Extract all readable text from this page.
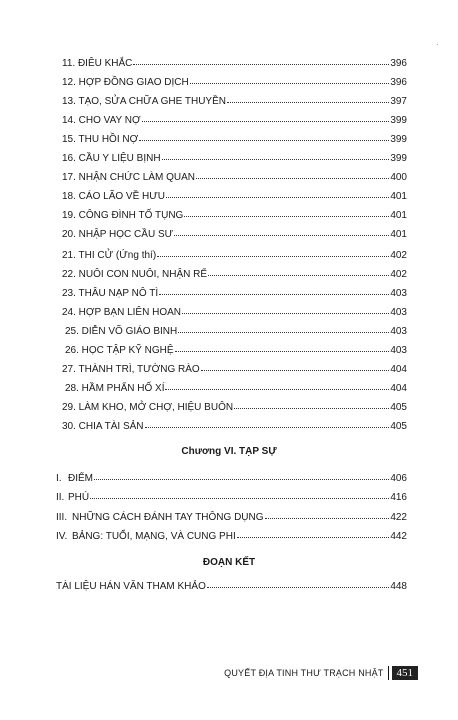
·
11. ĐIÊU KHẮC	396
12. HỢP ĐỒNG GIAO DỊCH	396
13. TẠO, SỬA CHỮA GHE THUYỀN	397
14. CHO VAY NỢ	399
15. THU HỒI NỢ	399
16. CẦU Y LIỆU BỊNH	399
17. NHẬN CHỨC LÀM QUAN	400
18. CÁO LÃO VỀ HƯU	401
19. CÔNG ĐÌNH TỐ TỤNG	401
20. NHẬP HỌC CẦU SƯ	401
21. THI CỬ (Ứng thí)	402
22. NUÔI CON NUÔI, NHẬN RỂ	402
23. THÂU NẠP NÔ TÌ	403
24. HỢP BẠN LIÊN HOAN	403
25. DIỄN VÕ GIÁO BINH	403
26. HỌC TẬP KỸ NGHỆ	403
27. THÀNH TRÌ, TƯỜNG RÀO	404
28. HẦM PHẨN HỐ XÍ	404
29. LÀM KHO, MỞ CHỢ, HIỆU BUÔN	405
30. CHIA TÀI SẢN	405
Chương VI. TẠP SỰ
I. ĐIỂM	406
II. PHÚ	416
III. NHỮNG CÁCH ĐÁNH TAY THÔNG DỤNG	422
IV. BẢNG: TUỔI, MẠNG, VÀ CUNG PHI	442
ĐOẠN KẾT
TÀI LIỆU HÁN VĂN THAM KHẢO	448
QUYẾT ĐỊA TINH THƯ TRẠCH NHẬT	451
